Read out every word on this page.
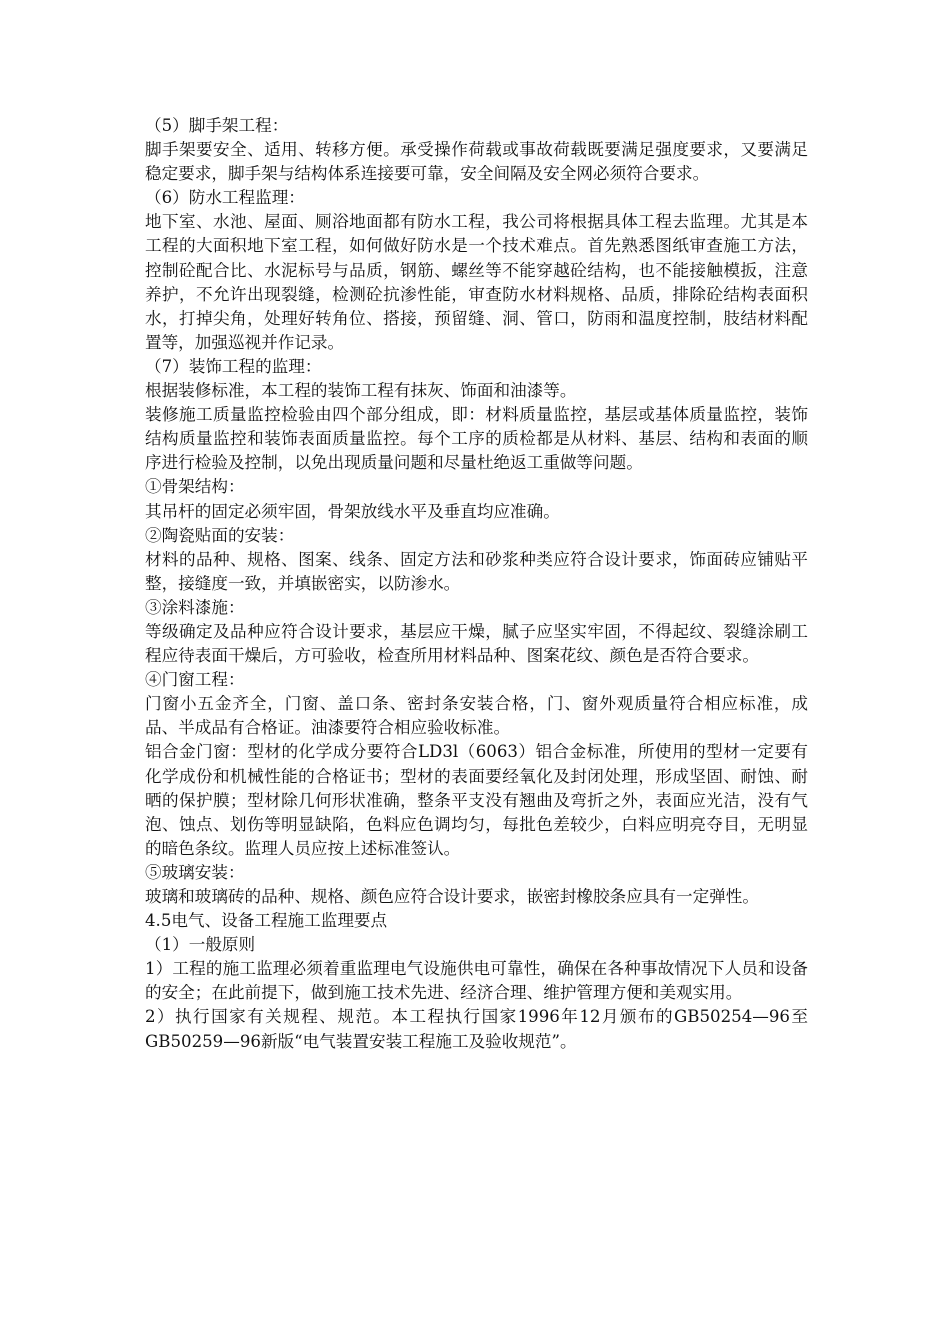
（5）脚手架工程：

脚手架要安全、适用、转移方便。承受操作荷载或事故荷载既要满足强度要求，又要满足稳定要求，脚手架与结构体系连接要可靠，安全间隔及安全网必须符合要求。

（6）防水工程监理：

地下室、水池、屋面、厕浴地面都有防水工程，我公司将根据具体工程去监理。尤其是本工程的大面积地下室工程，如何做好防水是一个技术难点。首先熟悉图纸审查施工方法，控制砼配合比、水泥标号与品质，钢筋、螺丝等不能穿越砼结构，也不能接触模扳，注意养护，不允许出现裂缝，检测砼抗渗性能，审查防水材料规格、品质，排除砼结构表面积水，打掉尖角，处理好转角位、搭接，预留缝、洞、管口，防雨和温度控制，肢结材料配置等，加强巡视并作记录。

（7）装饰工程的监理：

根据装修标准，本工程的装饰工程有抹灰、饰面和油漆等。

装修施工质量监控检验由四个部分组成，即：材料质量监控，基层或基体质量监控，装饰结构质量监控和装饰表面质量监控。每个工序的质检都是从材料、基层、结构和表面的顺序进行检验及控制，以免出现质量问题和尽量杜绝返工重做等问题。

①骨架结构：

其吊杆的固定必须牢固，骨架放线水平及垂直均应准确。

②陶瓷贴面的安装：

材料的品种、规格、图案、线条、固定方法和砂浆种类应符合设计要求，饰面砖应铺贴平整，接缝度一致，并填嵌密实，以防渗水。

③涂料漆施：

等级确定及品种应符合设计要求，基层应干燥，腻子应坚实牢固，不得起纹、裂缝涂刷工程应待表面干燥后，方可验收，检查所用材料品种、图案花纹、颜色是否符合要求。

④门窗工程：

门窗小五金齐全，门窗、盖口条、密封条安装合格，门、窗外观质量符合相应标准，成品、半成品有合格证。油漆要符合相应验收标准。

铝合金门窗：型材的化学成分要符合LD3l（6063）铝合金标准，所使用的型材一定要有化学成份和机械性能的合格证书；型材的表面要经氧化及封闭处理，形成坚固、耐蚀、耐晒的保护膜；型材除几何形状准确，整条平支没有翘曲及弯折之外，表面应光洁，没有气泡、蚀点、划伤等明显缺陷，色料应色调均匀，每批色差较少，白料应明亮夺目，无明显的暗色条纹。监理人员应按上述标准签认。

⑤玻璃安装：

玻璃和玻璃砖的品种、规格、颜色应符合设计要求，嵌密封橡胶条应具有一定弹性。

4.5电气、设备工程施工监理要点

（1）一般原则

1）工程的施工监理必须着重监理电气设施供电可靠性，确保在各种事故情况下人员和设备的安全；在此前提下，做到施工技术先进、经济合理、维护管理方便和美观实用。

2）执行国家有关规程、规范。本工程执行国家1996年12月颁布的GB50254—96至GB50259—96新版“电气装置安装工程施工及验收规范”。
